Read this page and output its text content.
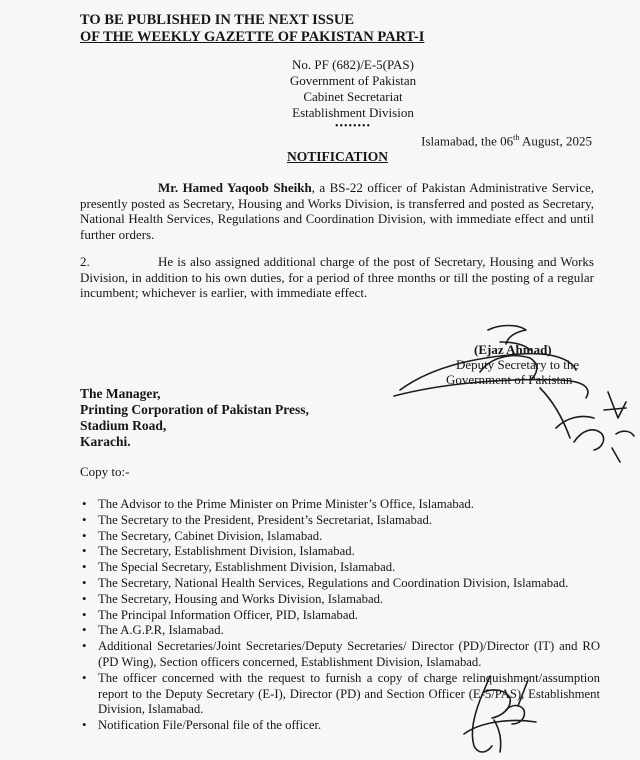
TO BE PUBLISHED IN THE NEXT ISSUE
OF THE WEEKLY GAZETTE OF PAKISTAN PART-I
No. PF (682)/E-5(PAS)
Government of Pakistan
Cabinet Secretariat
Establishment Division
••••••••
Islamabad, the 06th August, 2025
NOTIFICATION
Mr. Hamed Yaqoob Sheikh, a BS-22 officer of Pakistan Administrative Service, presently posted as Secretary, Housing and Works Division, is transferred and posted as Secretary, National Health Services, Regulations and Coordination Division, with immediate effect and until further orders.
2.	He is also assigned additional charge of the post of Secretary, Housing and Works Division, in addition to his own duties, for a period of three months or till the posting of a regular incumbent; whichever is earlier, with immediate effect.
(Ejaz Ahmad)
Deputy Secretary to the
Government of Pakistan
The Manager,
Printing Corporation of Pakistan Press,
Stadium Road,
Karachi.
Copy to:-
• The Advisor to the Prime Minister on Prime Minister’s Office, Islamabad.
• The Secretary to the President, President’s Secretariat, Islamabad.
• The Secretary, Cabinet Division, Islamabad.
• The Secretary, Establishment Division, Islamabad.
• The Special Secretary, Establishment Division, Islamabad.
• The Secretary, National Health Services, Regulations and Coordination Division, Islamabad.
• The Secretary, Housing and Works Division, Islamabad.
• The Principal Information Officer, PID, Islamabad.
• The A.G.P.R, Islamabad.
• Additional Secretaries/Joint Secretaries/Deputy Secretaries/ Director (PD)/Director (IT) and RO (PD Wing), Section officers concerned, Establishment Division, Islamabad.
• The officer concerned with the request to furnish a copy of charge relinquishment/assumption report to the Deputy Secretary (E-I), Director (PD) and Section Officer (E-5/PAS), Establishment Division, Islamabad.
• Notification File/Personal file of the officer.
